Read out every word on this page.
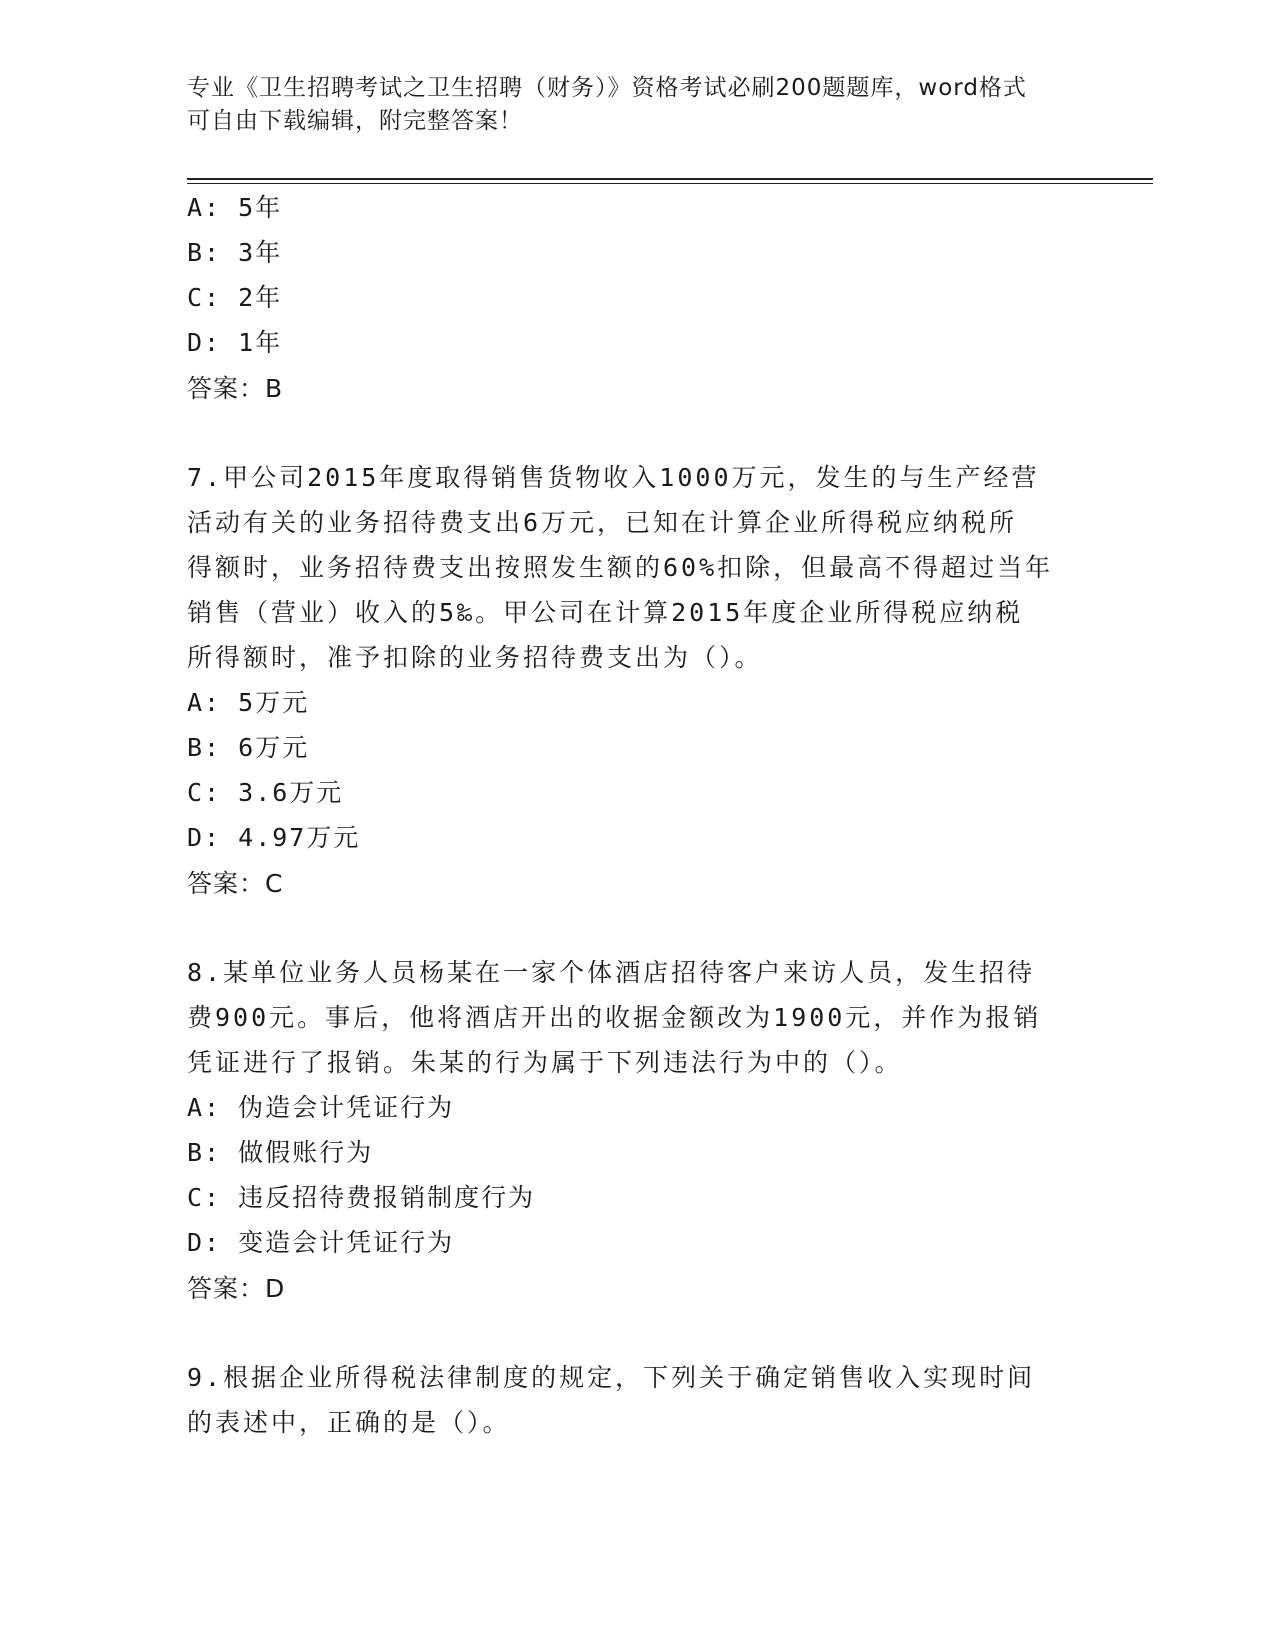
专业《卫生招聘考试之卫生招聘（财务）》资格考试必刷200题题库，word格式
可自由下载编辑，附完整答案！
A: 5年
B: 3年
C: 2年
D: 1年
答案：B
7.甲公司2015年度取得销售货物收入1000万元，发生的与生产经营
活动有关的业务招待费支出6万元，已知在计算企业所得税应纳税所
得额时，业务招待费支出按照发生额的60%扣除，但最高不得超过当年
销售（营业）收入的5‰。甲公司在计算2015年度企业所得税应纳税
所得额时，准予扣除的业务招待费支出为（）。
A: 5万元
B: 6万元
C: 3.6万元
D: 4.97万元
答案：C
8.某单位业务人员杨某在一家个体酒店招待客户来访人员，发生招待
费900元。事后，他将酒店开出的收据金额改为1900元，并作为报销
凭证进行了报销。朱某的行为属于下列违法行为中的（）。
A: 伪造会计凭证行为
B: 做假账行为
C: 违反招待费报销制度行为
D: 变造会计凭证行为
答案：D
9.根据企业所得税法律制度的规定，下列关于确定销售收入实现时间
的表述中，正确的是（）。
